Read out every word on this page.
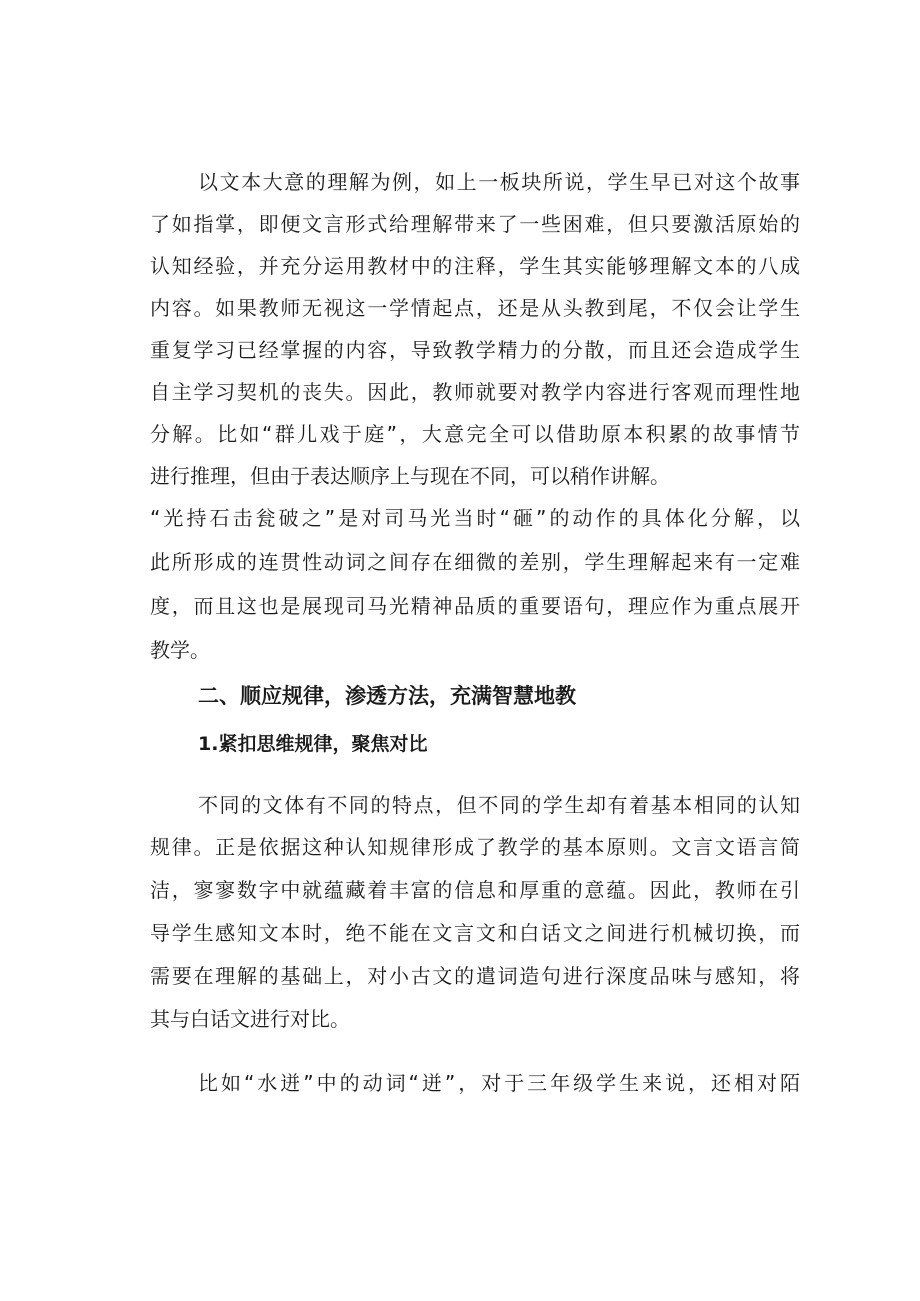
以文本大意的理解为例，如上一板块所说，学生早已对这个故事
了如指掌，即便文言形式给理解带来了一些困难，但只要激活原始的
认知经验，并充分运用教材中的注释，学生其实能够理解文本的八成
内容。如果教师无视这一学情起点，还是从头教到尾，不仅会让学生
重复学习已经掌握的内容，导致教学精力的分散，而且还会造成学生
自主学习契机的丧失。因此，教师就要对教学内容进行客观而理性地
分解。比如“群儿戏于庭”，大意完全可以借助原本积累的故事情节
进行推理，但由于表达顺序上与现在不同，可以稍作讲解。
“光持石击瓮破之”是对司马光当时“砸”的动作的具体化分解，以
此所形成的连贯性动词之间存在细微的差别，学生理解起来有一定难
度，而且这也是展现司马光精神品质的重要语句，理应作为重点展开
教学。
二、顺应规律，渗透方法，充满智慧地教
1.紧扣思维规律，聚焦对比
不同的文体有不同的特点，但不同的学生却有着基本相同的认知
规律。正是依据这种认知规律形成了教学的基本原则。文言文语言简
洁，寥寥数字中就蕴藏着丰富的信息和厚重的意蕴。因此，教师在引
导学生感知文本时，绝不能在文言文和白话文之间进行机械切换，而
需要在理解的基础上，对小古文的遣词造句进行深度品味与感知，将
其与白话文进行对比。
比如“水迸”中的动词“迸”，对于三年级学生来说，还相对陌
